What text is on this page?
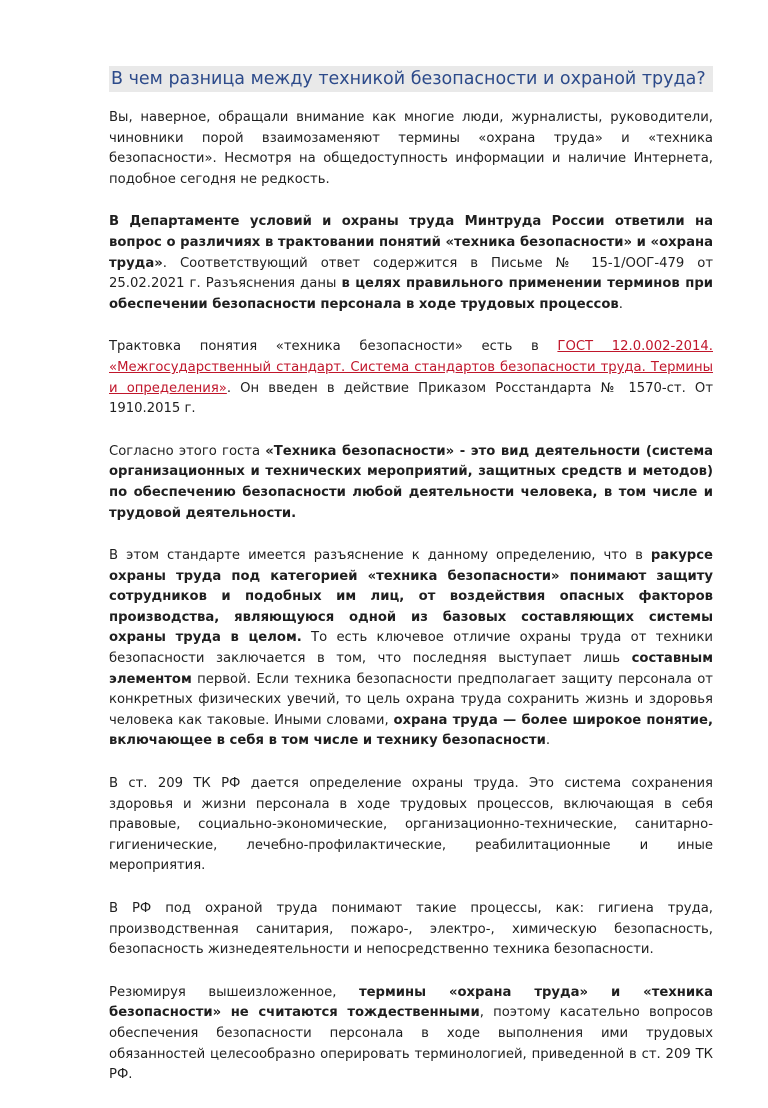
В чем разница между техникой безопасности и охраной труда?

Вы, наверное, обращали внимание как многие люди, журналисты, руководители, чиновники порой взаимозаменяют термины «охрана труда» и «техника безопасности». Несмотря на общедоступность информации и наличие Интернета, подобное сегодня не редкость.

В Департаменте условий и охраны труда Минтруда России ответили на вопрос о различиях в трактовании понятий «техника безопасности» и «охрана труда». Соответствующий ответ содержится в Письме № 15-1/ООГ-479 от 25.02.2021 г. Разъяснения даны в целях правильного применении терминов при обеспечении безопасности персонала в ходе трудовых процессов.

Трактовка понятия «техника безопасности» есть в ГОСТ 12.0.002-2014. «Межгосударственный стандарт. Система стандартов безопасности труда. Термины и определения». Он введен в действие Приказом Росстандарта № 1570-ст. От 1910.2015 г.

Согласно этого госта «Техника безопасности» - это вид деятельности (система организационных и технических мероприятий, защитных средств и методов) по обеспечению безопасности любой деятельности человека, в том числе и трудовой деятельности.

В этом стандарте имеется разъяснение к данному определению, что в ракурсе охраны труда под категорией «техника безопасности» понимают защиту сотрудников и подобных им лиц, от воздействия опасных факторов производства, являющуюся одной из базовых составляющих системы охраны труда в целом. То есть ключевое отличие охраны труда от техники безопасности заключается в том, что последняя выступает лишь составным элементом первой. Если техника безопасности предполагает защиту персонала от конкретных физических увечий, то цель охрана труда сохранить жизнь и здоровья человека как таковые. Иными словами, охрана труда — более широкое понятие, включающее в себя в том числе и технику безопасности.

В ст. 209 ТК РФ дается определение охраны труда. Это система сохранения здоровья и жизни персонала в ходе трудовых процессов, включающая в себя правовые, социально-экономические, организационно-технические, санитарно-гигиенические, лечебно-профилактические, реабилитационные и иные мероприятия.

В РФ под охраной труда понимают такие процессы, как: гигиена труда, производственная санитария, пожаро-, электро-, химическую безопасность, безопасность жизнедеятельности и непосредственно техника безопасности.

Резюмируя вышеизложенное, термины «охрана труда» и «техника безопасности» не считаются тождественными, поэтому касательно вопросов обеспечения безопасности персонала в ходе выполнения ими трудовых обязанностей целесообразно оперировать терминологией, приведенной в ст. 209 ТК РФ.
